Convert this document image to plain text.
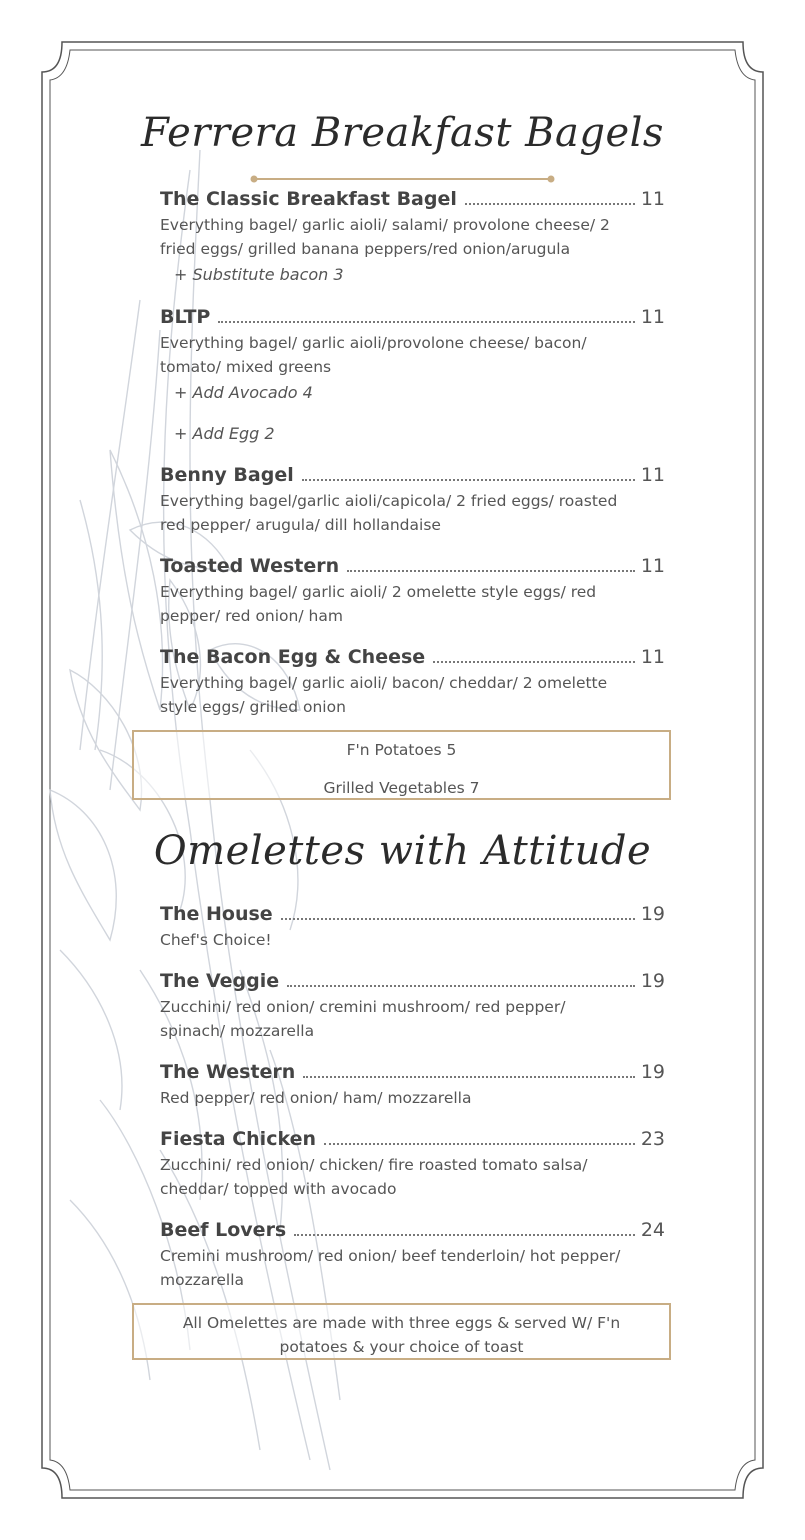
Ferrera Breakfast Bagels
The Classic Breakfast Bagel	11
Everything bagel/ garlic aioli/ salami/ provolone cheese/ 2 fried eggs/ grilled banana peppers/red onion/arugula
+ Substitute bacon 3
BLTP	11
Everything bagel/ garlic aioli/provolone cheese/ bacon/ tomato/ mixed greens
+ Add Avocado 4
+ Add Egg 2
Benny Bagel	11
Everything bagel/garlic aioli/capicola/ 2 fried eggs/ roasted red pepper/ arugula/ dill hollandaise
Toasted Western	11
Everything bagel/ garlic aioli/ 2 omelette style eggs/ red pepper/ red onion/ ham
The Bacon Egg & Cheese	11
Everything bagel/ garlic aioli/ bacon/ cheddar/ 2 omelette style eggs/ grilled onion
F'n Potatoes 5
Grilled Vegetables 7
Omelettes with Attitude
The House	19
Chef's Choice!
The Veggie	19
Zucchini/ red onion/ cremini mushroom/ red pepper/ spinach/ mozzarella
The Western	19
Red pepper/ red onion/ ham/ mozzarella
Fiesta Chicken	23
Zucchini/ red onion/ chicken/ fire roasted tomato salsa/ cheddar/ topped with avocado
Beef Lovers	24
Cremini mushroom/ red onion/ beef tenderloin/ hot pepper/ mozzarella
All Omelettes are made with three eggs & served W/ F'n potatoes & your choice of toast
